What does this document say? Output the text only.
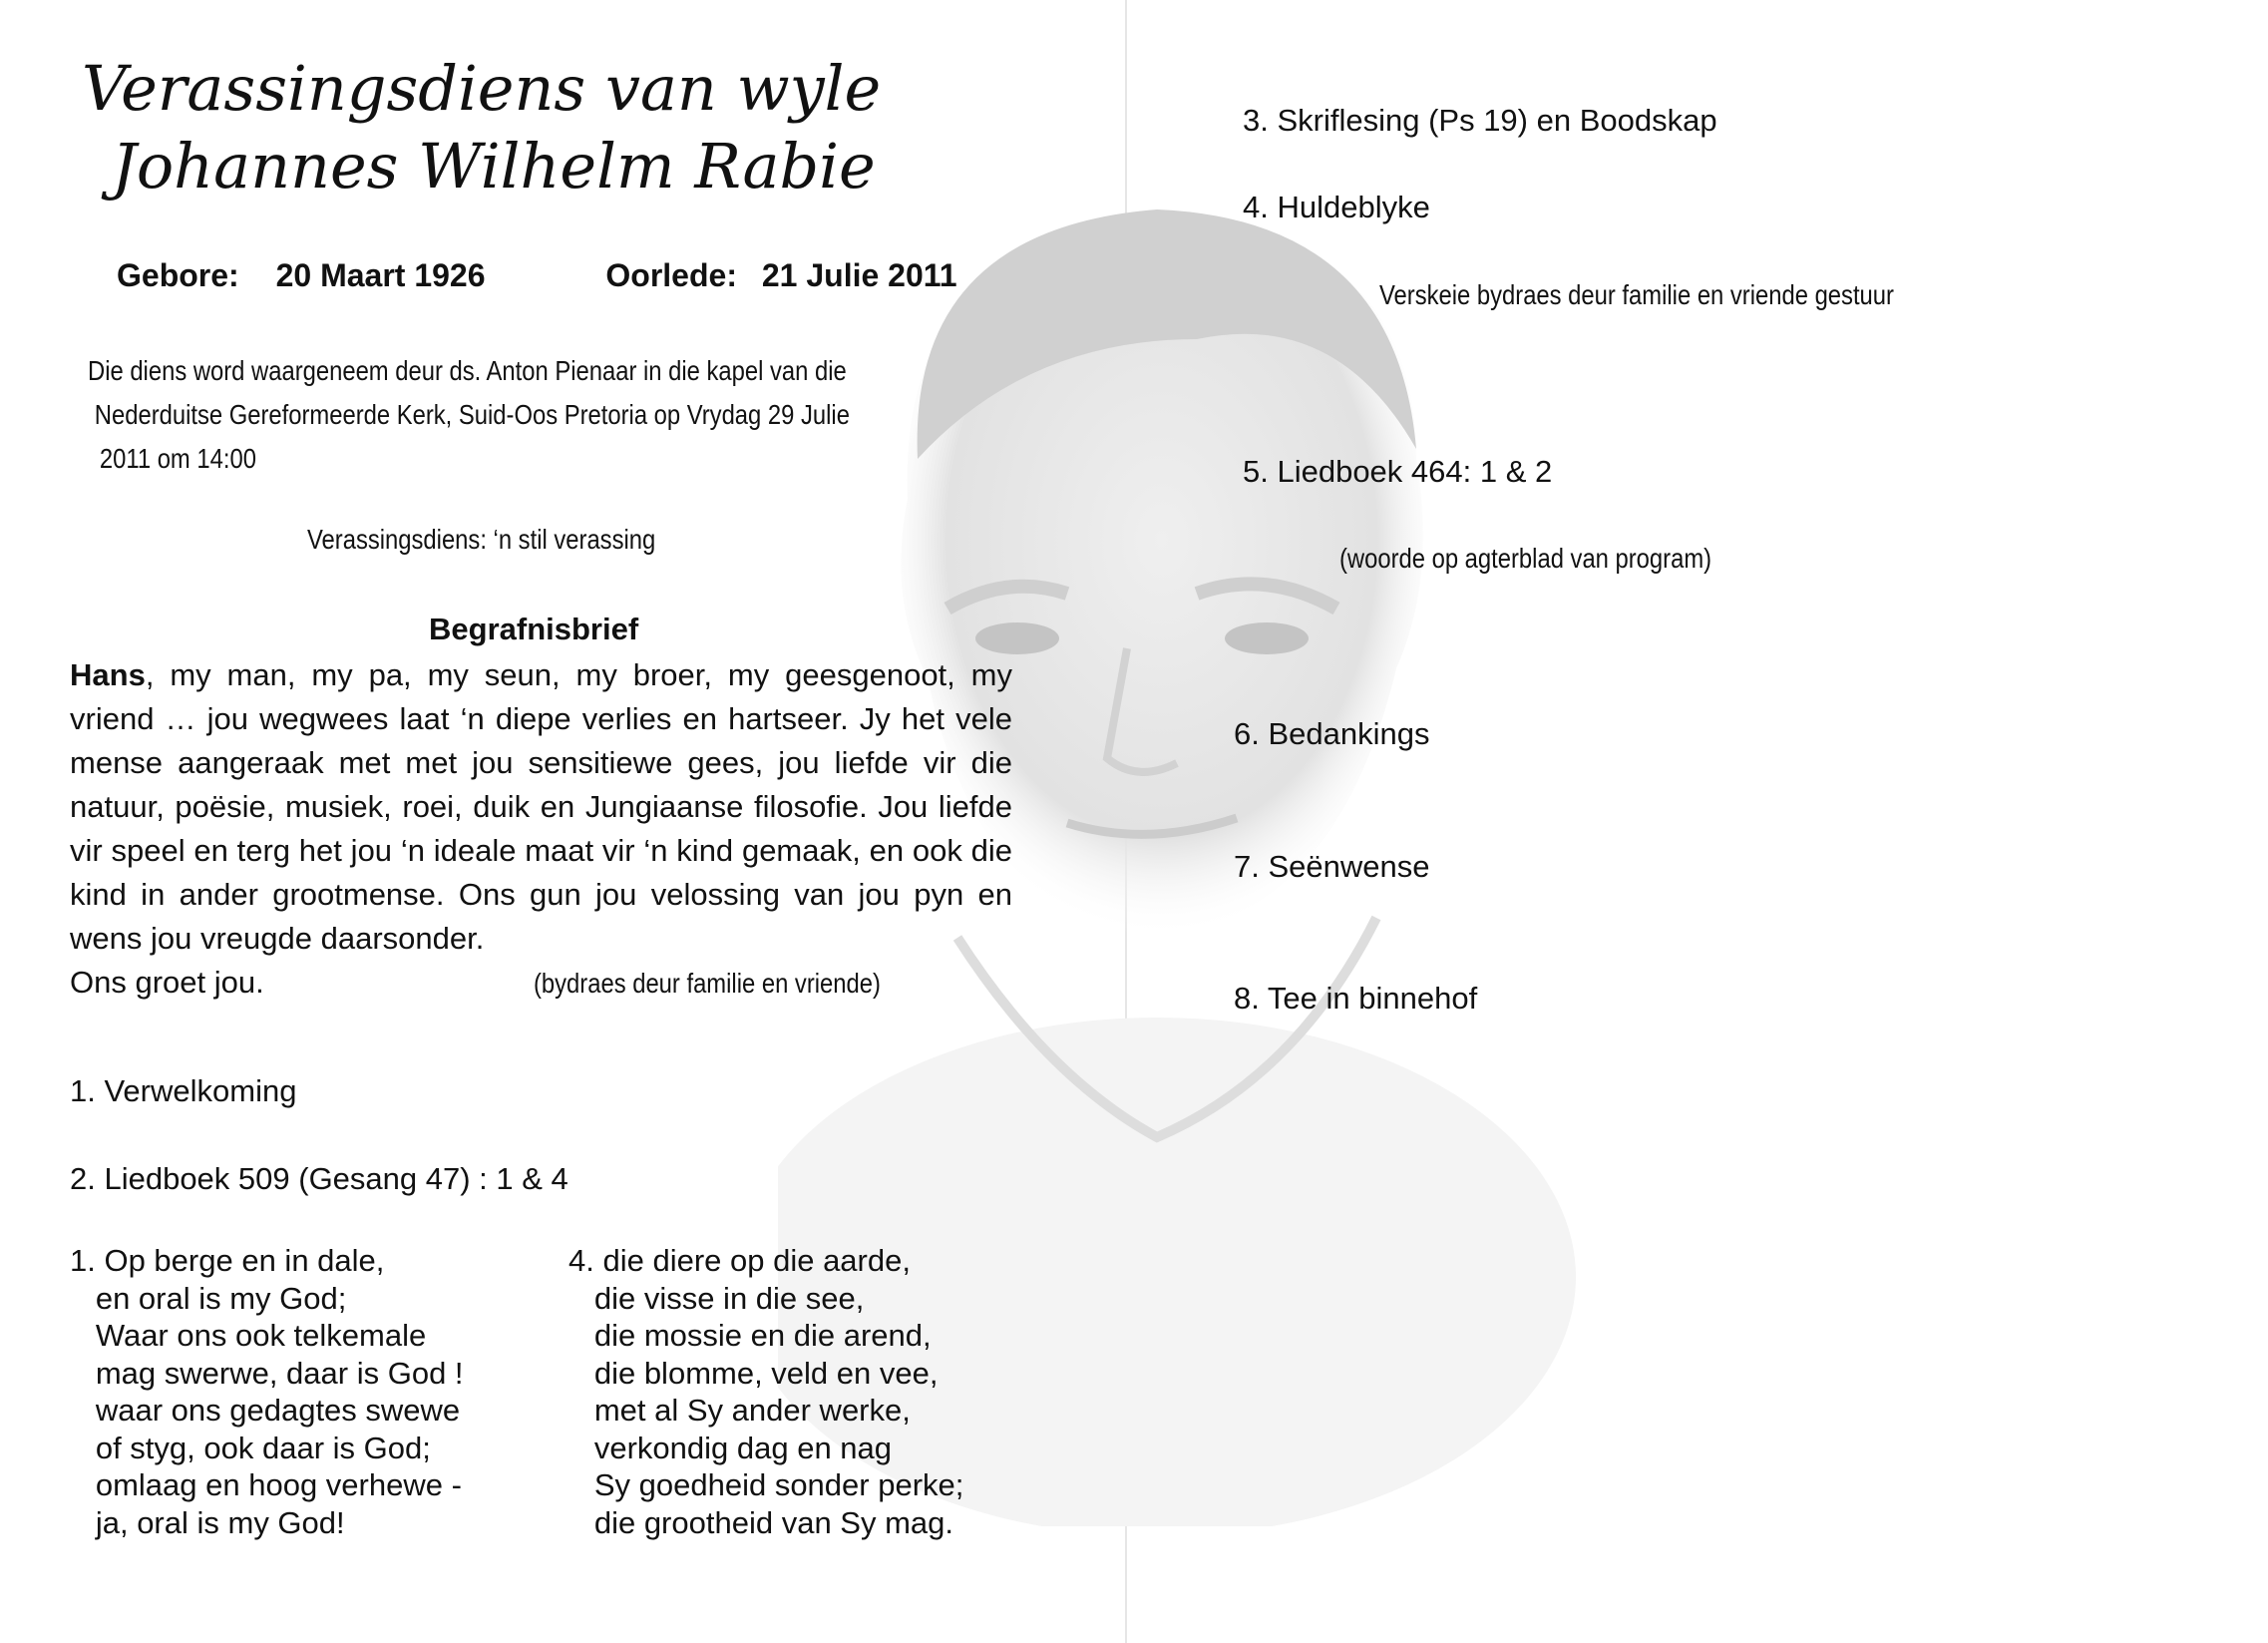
Verassingsdiens van wyle
Johannes Wilhelm Rabie
Gebore: 20 Maart 1926	Oorlede: 21 Julie 2011
Die diens word waargeneem deur ds. Anton Pienaar in die kapel van die
Nederduitse Gereformeerde Kerk, Suid-Oos Pretoria op Vrydag 29 Julie
2011 om 14:00
Verassingsdiens: ‘n stil verassing
Begrafnisbrief
Hans, my man, my pa, my seun, my broer, my geesgenoot, my vriend … jou wegwees laat ‘n diepe verlies en hartseer. Jy het vele mense aangeraak met met jou sensitiewe gees, jou liefde vir die natuur, poësie, musiek, roei, duik en Jungiaanse filosofie. Jou liefde vir speel en terg het jou ‘n ideale maat vir ‘n kind gemaak, en ook die kind in ander grootmense. Ons gun jou velossing van jou pyn en wens jou vreugde daarsonder.
Ons groet jou.	(bydraes deur familie en vriende)
1. Verwelkoming
2. Liedboek 509 (Gesang 47) : 1 & 4
1. Op berge en in dale,
en oral is my God;
Waar ons ook telkemale
mag swerwe, daar is God !
waar ons gedagtes swewe
of styg, ook daar is God;
omlaag en hoog verhewe -
ja, oral is my God!
4. die diere op die aarde,
die visse in die see,
die mossie en die arend,
die blomme, veld en vee,
met al Sy ander werke,
verkondig dag en nag
Sy goedheid sonder perke;
die grootheid van Sy mag.
3. Skriflesing (Ps 19) en Boodskap
4. Huldeblyke
Verskeie bydraes deur familie en vriende gestuur
5. Liedboek 464: 1 & 2
(woorde op agterblad van program)
6. Bedankings
7. Seënwense
8. Tee in binnehof
